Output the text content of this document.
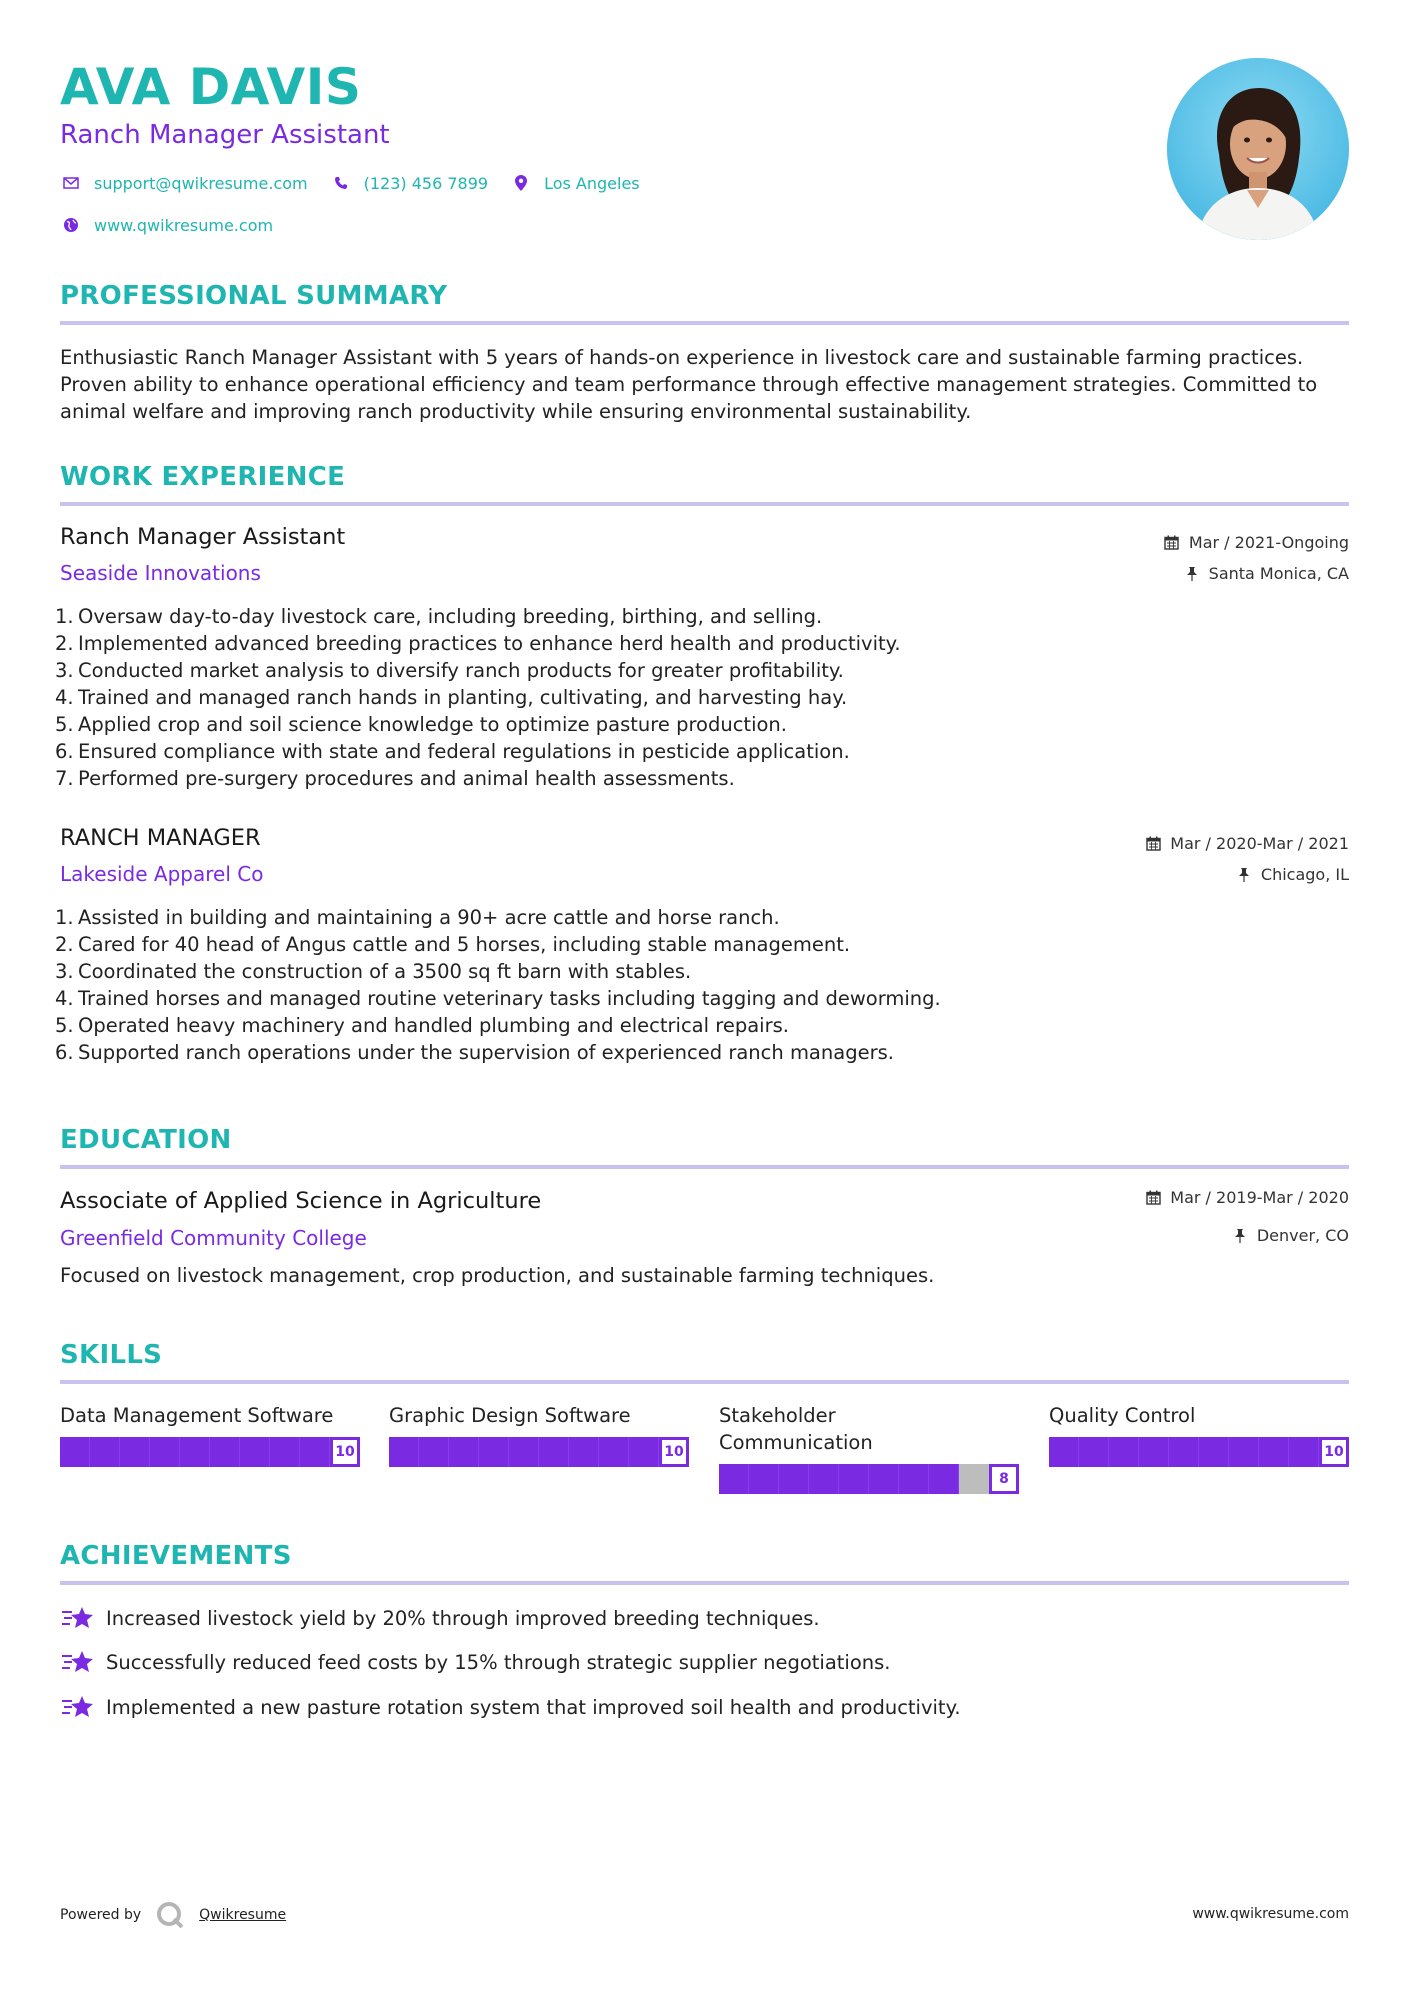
AVA DAVIS
Ranch Manager Assistant
support@qwikresume.com	(123) 456 7899	Los Angeles
www.qwikresume.com
PROFESSIONAL SUMMARY
Enthusiastic Ranch Manager Assistant with 5 years of hands-on experience in livestock care and sustainable farming practices. Proven ability to enhance operational efficiency and team performance through effective management strategies. Committed to animal welfare and improving ranch productivity while ensuring environmental sustainability.
WORK EXPERIENCE
Ranch Manager Assistant
Seaside Innovations
Mar / 2021-Ongoing
Santa Monica, CA
1. Oversaw day-to-day livestock care, including breeding, birthing, and selling.
2. Implemented advanced breeding practices to enhance herd health and productivity.
3. Conducted market analysis to diversify ranch products for greater profitability.
4. Trained and managed ranch hands in planting, cultivating, and harvesting hay.
5. Applied crop and soil science knowledge to optimize pasture production.
6. Ensured compliance with state and federal regulations in pesticide application.
7. Performed pre-surgery procedures and animal health assessments.
RANCH MANAGER
Lakeside Apparel Co
Mar / 2020-Mar / 2021
Chicago, IL
1. Assisted in building and maintaining a 90+ acre cattle and horse ranch.
2. Cared for 40 head of Angus cattle and 5 horses, including stable management.
3. Coordinated the construction of a 3500 sq ft barn with stables.
4. Trained horses and managed routine veterinary tasks including tagging and deworming.
5. Operated heavy machinery and handled plumbing and electrical repairs.
6. Supported ranch operations under the supervision of experienced ranch managers.
EDUCATION
Associate of Applied Science in Agriculture
Greenfield Community College
Mar / 2019-Mar / 2020
Denver, CO
Focused on livestock management, crop production, and sustainable farming techniques.
SKILLS
Data Management Software
10
Graphic Design Software
10
Stakeholder Communication
8
Quality Control
10
ACHIEVEMENTS
Increased livestock yield by 20% through improved breeding techniques.
Successfully reduced feed costs by 15% through strategic supplier negotiations.
Implemented a new pasture rotation system that improved soil health and productivity.
Powered by	Qwikresume	www.qwikresume.com
